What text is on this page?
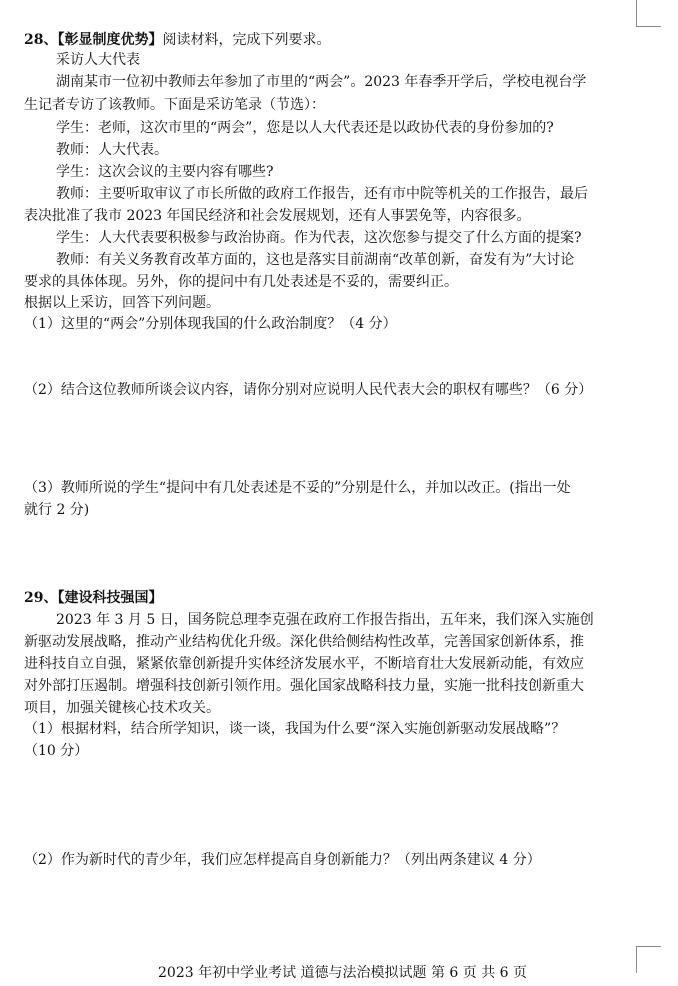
28、【彰显制度优势】阅读材料，完成下列要求。
采访人大代表
湖南某市一位初中教师去年参加了市里的“两会”。2023 年春季开学后，学校电视台学
生记者专访了该教师。下面是采访笔录（节选）：
学生：老师，这次市里的“两会”，您是以人大代表还是以政协代表的身份参加的?
教师：人大代表。
学生：这次会议的主要内容有哪些?
教师：主要听取审议了市长所做的政府工作报告，还有市中院等机关的工作报告，最后
表决批准了我市 2023 年国民经济和社会发展规划，还有人事罢免等，内容很多。
学生：人大代表要积极参与政治协商。作为代表，这次您参与提交了什么方面的提案?
教师：有关义务教育改革方面的，这也是落实目前湖南“改革创新，奋发有为”大讨论
要求的具体体现。另外，你的提问中有几处表述是不妥的，需要纠正。
根据以上采访，回答下列问题。
（1）这里的“两会”分别体现我国的什么政治制度？（4 分）
（2）结合这位教师所谈会议内容，请你分别对应说明人民代表大会的职权有哪些？（6 分）
（3）教师所说的学生“提问中有几处表述是不妥的”分别是什么，并加以改正。(指出一处
就行 2 分)
29、【建设科技强国】
2023 年 3 月 5 日，国务院总理李克强在政府工作报告指出，五年来，我们深入实施创
新驱动发展战略，推动产业结构优化升级。深化供给侧结构性改革，完善国家创新体系，推
进科技自立自强，紧紧依靠创新提升实体经济发展水平，不断培育壮大发展新动能，有效应
对外部打压遏制。增强科技创新引领作用。强化国家战略科技力量，实施一批科技创新重大
项目，加强关键核心技术攻关。
（1）根据材料，结合所学知识，谈一谈，我国为什么要“深入实施创新驱动发展战略”？
（10 分）
（2）作为新时代的青少年，我们应怎样提高自身创新能力？（列出两条建议 4 分）
2023 年初中学业考试 道德与法治模拟试题 第 6 页 共 6 页
